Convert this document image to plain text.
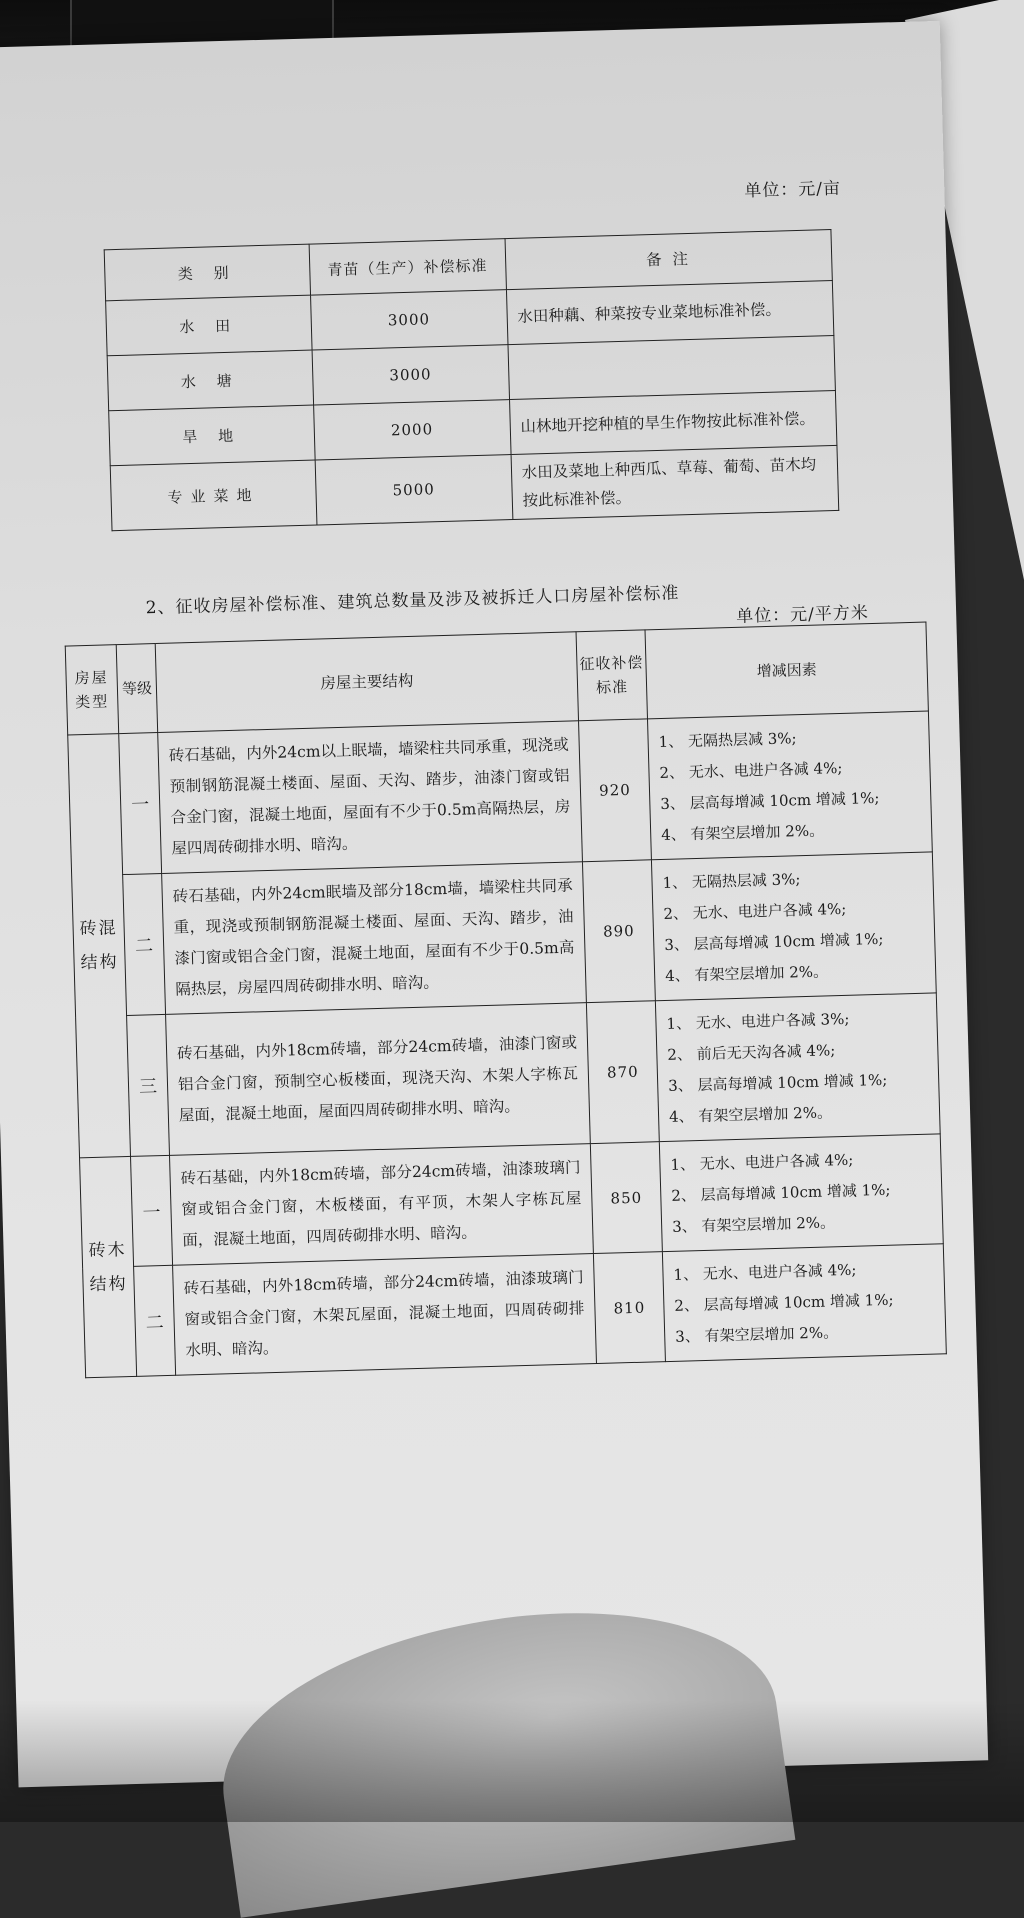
单位：元/亩
类 别	青苗（生产）补偿标准	备 注
水 田	3000	水田种藕、种菜按专业菜地标准补偿。
水 塘	3000	
旱 地	2000	山林地开挖种植的旱生作物按此标准补偿。
专业菜地	5000	水田及菜地上种西瓜、草莓、葡萄、苗木均按此标准补偿。
2、征收房屋补偿标准、建筑总数量及涉及被拆迁人口房屋补偿标准	单位：元/平方米
房屋类型	等级	房屋主要结构	征收补偿标准	增减因素
砖混结构	一	砖石基础，内外24cm以上眠墙，墙梁柱共同承重，现浇或预制钢筋混凝土楼面、屋面、天沟、踏步，油漆门窗或铝合金门窗，混凝土地面，屋面有不少于0.5m高隔热层，房屋四周砖砌排水明、暗沟。	920	1、 无隔热层减 3%;
2、 无水、电进户各减 4%;
3、 层高每增减 10cm 增减 1%;
4、 有架空层增加 2%。

	二	砖石基础，内外24cm眠墙及部分18cm墙，墙梁柱共同承重，现浇或预制钢筋混凝土楼面、屋面、天沟、踏步，油漆门窗或铝合金门窗，混凝土地面，屋面有不少于0.5m高隔热层，房屋四周砖砌排水明、暗沟。	890	1、 无隔热层减 3%;
2、 无水、电进户各减 4%;
3、 层高每增减 10cm 增减 1%;
4、 有架空层增加 2%。

	三	砖石基础，内外18cm砖墙，部分24cm砖墙，油漆门窗或铝合金门窗，预制空心板楼面，现浇天沟、木架人字栋瓦屋面，混凝土地面，屋面四周砖砌排水明、暗沟。	870	1、 无水、电进户各减 3%;
2、 前后无天沟各减 4%;
3、 层高每增减 10cm 增减 1%;
4、 有架空层增加 2%。

砖木结构	一	砖石基础，内外18cm砖墙，部分24cm砖墙，油漆玻璃门窗或铝合金门窗，木板楼面，有平顶，木架人字栋瓦屋面，混凝土地面，四周砖砌排水明、暗沟。	850	1、 无水、电进户各减 4%;
2、 层高每增减 10cm 增减 1%;
3、 有架空层增加 2%。

	二	砖石基础，内外18cm砖墙，部分24cm砖墙，油漆玻璃门窗或铝合金门窗，木架瓦屋面，混凝土地面，四周砖砌排水明、暗沟。	810	1、 无水、电进户各减 4%;
2、 层高每增减 10cm 增减 1%;
3、 有架空层增加 2%。
